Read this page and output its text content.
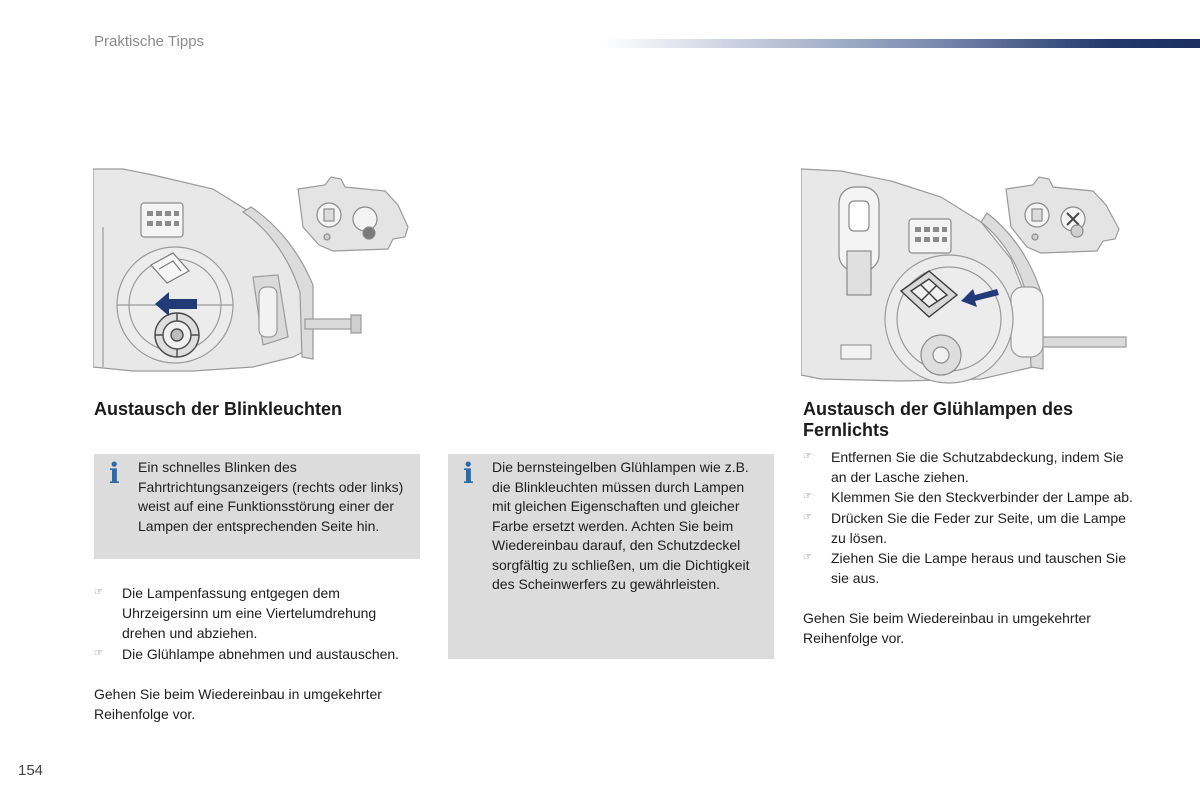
Praktische Tipps
Austausch der Blinkleuchten
i Ein schnelles Blinken des Fahrtrichtungsanzeigers (rechts oder links) weist auf eine Funktionsstörung einer der Lampen der entsprechenden Seite hin.
☞ Die Lampenfassung entgegen dem Uhrzeigersinn um eine Viertelumdrehung drehen und abziehen.
☞ Die Glühlampe abnehmen und austauschen.
Gehen Sie beim Wiedereinbau in umgekehrter Reihenfolge vor.
i Die bernsteingelben Glühlampen wie z.B. die Blinkleuchten müssen durch Lampen mit gleichen Eigenschaften und gleicher Farbe ersetzt werden. Achten Sie beim Wiedereinbau darauf, den Schutzdeckel sorgfältig zu schließen, um die Dichtigkeit des Scheinwerfers zu gewährleisten.
Austausch der Glühlampen des Fernlichts
☞ Entfernen Sie die Schutzabdeckung, indem Sie an der Lasche ziehen.
☞ Klemmen Sie den Steckverbinder der Lampe ab.
☞ Drücken Sie die Feder zur Seite, um die Lampe zu lösen.
☞ Ziehen Sie die Lampe heraus und tauschen Sie sie aus.
Gehen Sie beim Wiedereinbau in umgekehrter Reihenfolge vor.
154
